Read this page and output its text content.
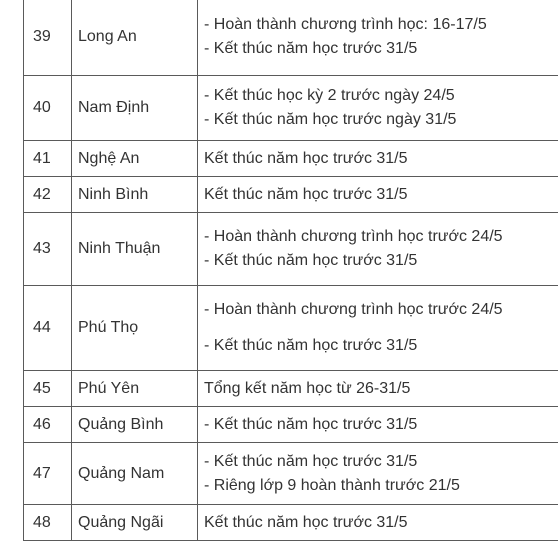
39	Long An	- Hoàn thành chương trình học: 16-17/5
- Kết thúc năm học trước 31/5

40	Nam Định	- Kết thúc học kỳ 2 trước ngày 24/5
- Kết thúc năm học trước ngày 31/5

41	Nghệ An	Kết thúc năm học trước 31/5

42	Ninh Bình	Kết thúc năm học trước 31/5

43	Ninh Thuận	- Hoàn thành chương trình học trước 24/5
- Kết thúc năm học trước 31/5

44	Phú Thọ	- Hoàn thành chương trình học trước 24/5
- Kết thúc năm học trước 31/5

45	Phú Yên	Tổng kết năm học từ 26-31/5

46	Quảng Bình	- Kết thúc năm học trước 31/5

47	Quảng Nam	- Kết thúc năm học trước 31/5
- Riêng lớp 9 hoàn thành trước 21/5

48	Quảng Ngãi	Kết thúc năm học trước 31/5
